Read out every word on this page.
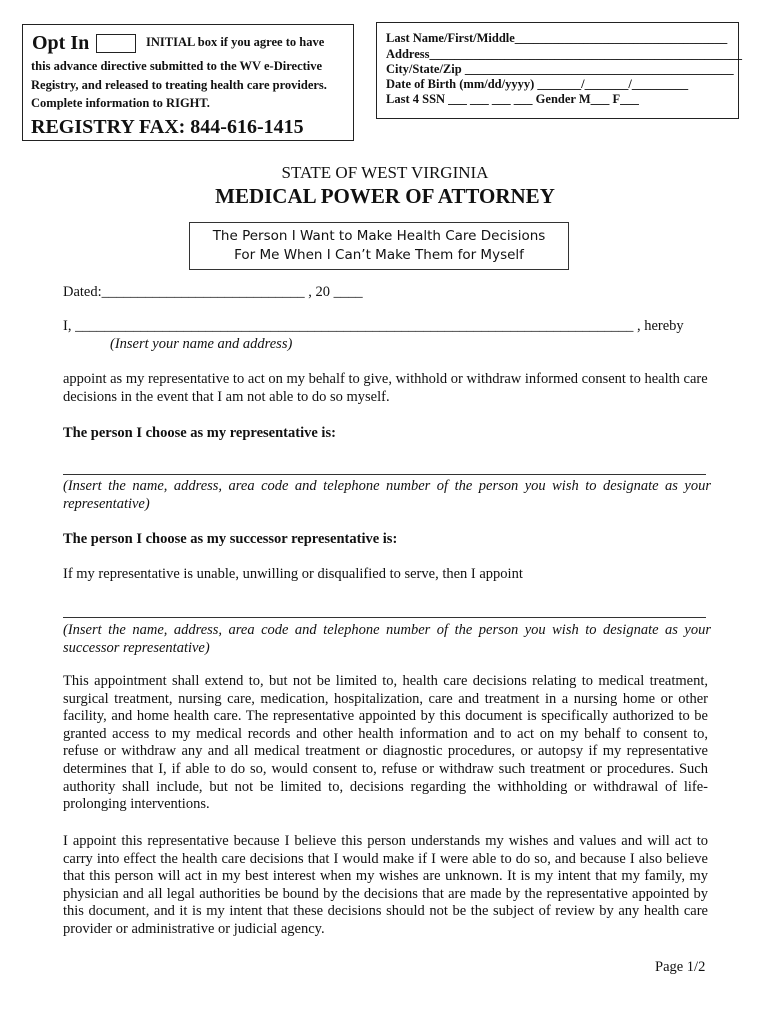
Opt In	INITIAL box if you agree to have
this advance directive submitted to the WV e-Directive
Registry, and released to treating health care providers.
Complete information to RIGHT.
REGISTRY FAX: 844-616-1415
Last Name/First/Middle__________________________________
Address__________________________________________________
City/State/Zip ___________________________________________
Date of Birth (mm/dd/yyyy) _______/_______/_________
Last 4 SSN ___ ___ ___ ___ Gender M___ F___
STATE OF WEST VIRGINIA
MEDICAL POWER OF ATTORNEY
The Person I Want to Make Health Care Decisions
For Me When I Can’t Make Them for Myself
Dated:____________________________ , 20 ____
I, _____________________________________________________________________________ , hereby
(Insert your name and address)
appoint as my representative to act on my behalf to give, withhold or withdraw informed consent to health care decisions in the event that I am not able to do so myself.
The person I choose as my representative is:
(Insert the name, address, area code and telephone number of the person you wish to designate as your representative)
The person I choose as my successor representative is:
If my representative is unable, unwilling or disqualified to serve, then I appoint
(Insert the name, address, area code and telephone number of the person you wish to designate as your successor representative)
This appointment shall extend to, but not be limited to, health care decisions relating to medical treatment, surgical treatment, nursing care, medication, hospitalization, care and treatment in a nursing home or other facility, and home health care. The representative appointed by this document is specifically authorized to be granted access to my medical records and other health information and to act on my behalf to consent to, refuse or withdraw any and all medical treatment or diagnostic procedures, or autopsy if my representative determines that I, if able to do so, would consent to, refuse or withdraw such treatment or procedures. Such authority shall include, but not be limited to, decisions regarding the withholding or withdrawal of life-prolonging interventions.
I appoint this representative because I believe this person understands my wishes and values and will act to carry into effect the health care decisions that I would make if I were able to do so, and because I also believe that this person will act in my best interest when my wishes are unknown. It is my intent that my family, my physician and all legal authorities be bound by the decisions that are made by the representative appointed by this document, and it is my intent that these decisions should not be the subject of review by any health care provider or administrative or judicial agency.
Page 1/2
